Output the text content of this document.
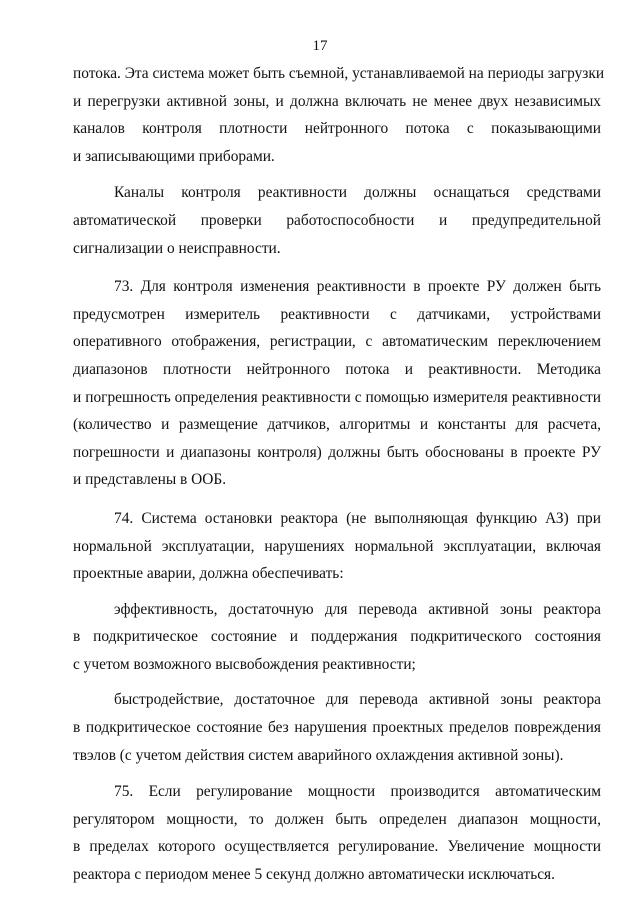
17
потока. Эта система может быть съемной, устанавливаемой на периоды загрузки
и перегрузки активной зоны, и должна включать не менее двух независимых
каналов контроля плотности нейтронного потока с показывающими
и записывающими приборами.
Каналы контроля реактивности должны оснащаться средствами
автоматической проверки работоспособности и предупредительной
сигнализации о неисправности.
73. Для контроля изменения реактивности в проекте РУ должен быть
предусмотрен измеритель реактивности с датчиками, устройствами
оперативного отображения, регистрации, с автоматическим переключением
диапазонов плотности нейтронного потока и реактивности. Методика
и погрешность определения реактивности с помощью измерителя реактивности
(количество и размещение датчиков, алгоритмы и константы для расчета,
погрешности и диапазоны контроля) должны быть обоснованы в проекте РУ
и представлены в ООБ.
74. Система остановки реактора (не выполняющая функцию АЗ) при
нормальной эксплуатации, нарушениях нормальной эксплуатации, включая
проектные аварии, должна обеспечивать:
эффективность, достаточную для перевода активной зоны реактора
в подкритическое состояние и поддержания подкритического состояния
с учетом возможного высвобождения реактивности;
быстродействие, достаточное для перевода активной зоны реактора
в подкритическое состояние без нарушения проектных пределов повреждения
твэлов (с учетом действия систем аварийного охлаждения активной зоны).
75. Если регулирование мощности производится автоматическим
регулятором мощности, то должен быть определен диапазон мощности,
в пределах которого осуществляется регулирование. Увеличение мощности
реактора с периодом менее 5 секунд должно автоматически исключаться.
